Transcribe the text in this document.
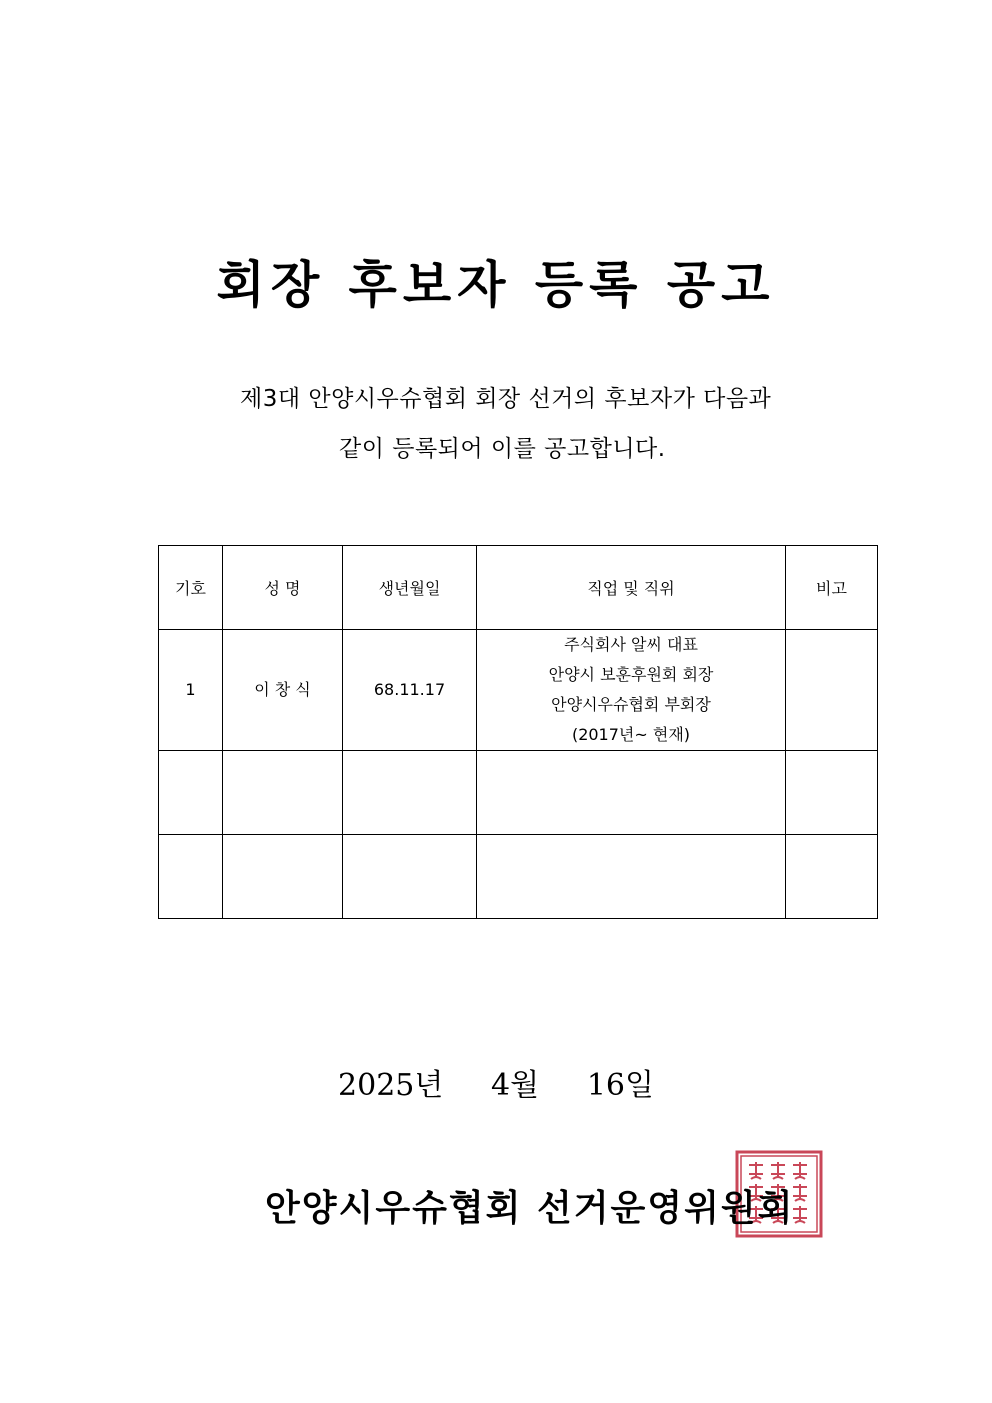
회장 후보자 등록 공고
제3대 안양시우슈협회 회장 선거의 후보자가 다음과
같이 등록되어 이를 공고합니다.
기호	성 명	생년월일	직업 및 직위	비고
1	이 창 식	68.11.17	주식회사 알씨 대표
안양시 보훈후원회 회장
안양시우슈협회 부회장
(2017년~ 현재)	

2025년 4월 16일
안양시우슈협회 선거운영위원회
